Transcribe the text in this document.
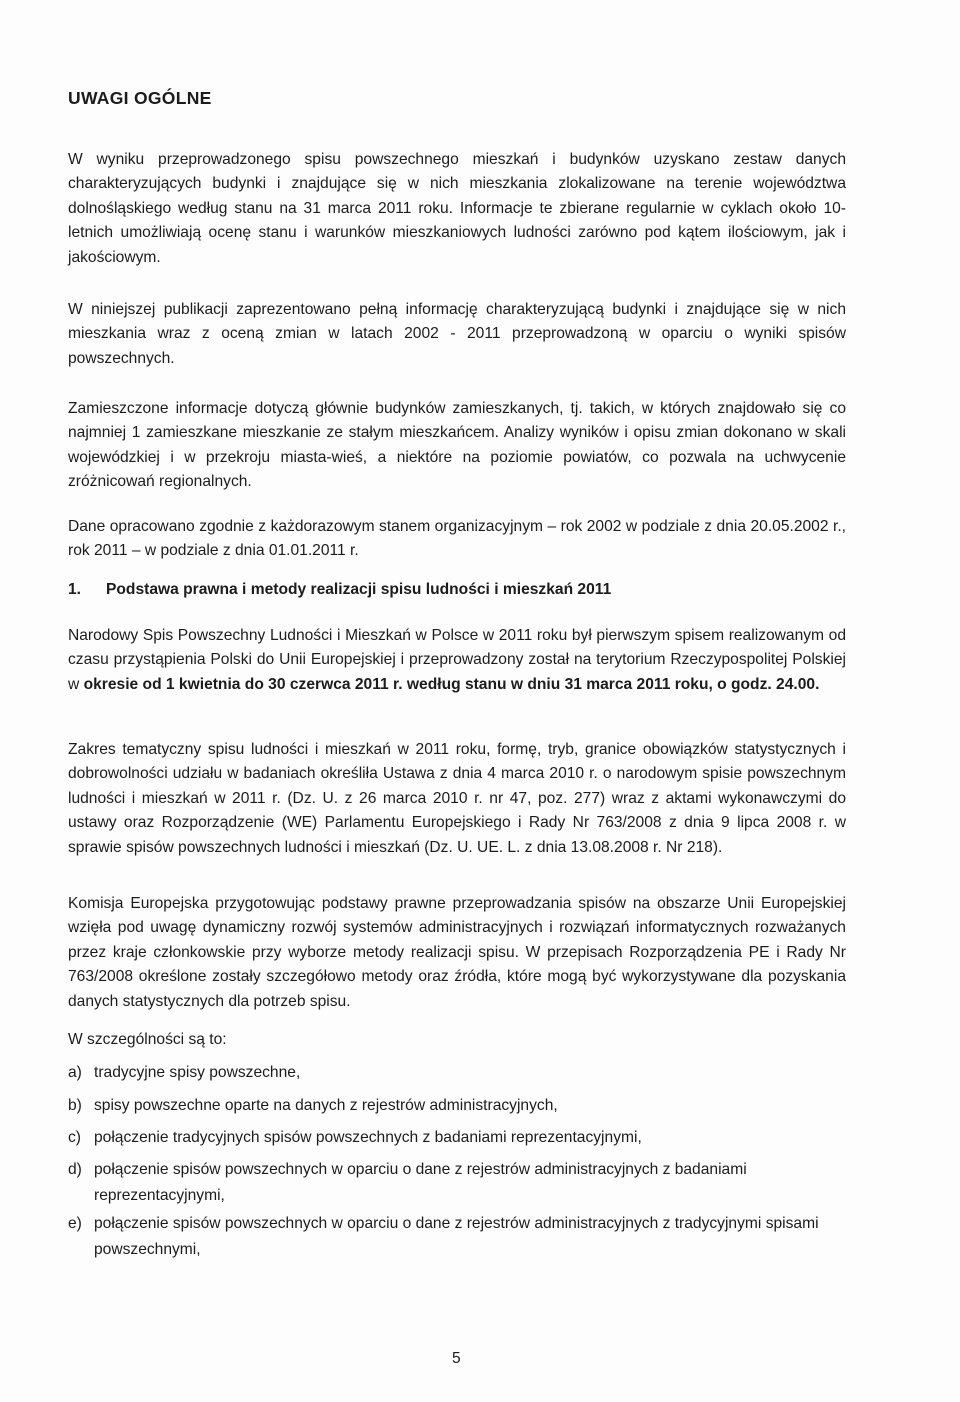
UWAGI OGÓLNE

W wyniku przeprowadzonego spisu powszechnego mieszkań i budynków uzyskano zestaw danych charakteryzujących budynki i znajdujące się w nich mieszkania zlokalizowane na terenie województwa dolnośląskiego według stanu na 31 marca 2011 roku. Informacje te zbierane regularnie w cyklach około 10-letnich umożliwiają ocenę stanu i warunków mieszkaniowych ludności zarówno pod kątem ilościowym, jak i jakościowym.

W niniejszej publikacji zaprezentowano pełną informację charakteryzującą budynki i znajdujące się w nich mieszkania wraz z oceną zmian w latach 2002 - 2011 przeprowadzoną w oparciu o wyniki spisów powszechnych.

Zamieszczone informacje dotyczą głównie budynków zamieszkanych, tj. takich, w których znajdowało się co najmniej 1 zamieszkane mieszkanie ze stałym mieszkańcem. Analizy wyników i opisu zmian dokonano w skali wojewódzkiej i w przekroju miasta-wieś, a niektóre na poziomie powiatów, co pozwala na uchwycenie zróżnicowań regionalnych.

Dane opracowano zgodnie z każdorazowym stanem organizacyjnym – rok 2002 w podziale z dnia 20.05.2002 r., rok 2011 – w podziale z dnia 01.01.2011 r.

1. Podstawa prawna i metody realizacji spisu ludności i mieszkań 2011

Narodowy Spis Powszechny Ludności i Mieszkań w Polsce w 2011 roku był pierwszym spisem realizowanym od czasu przystąpienia Polski do Unii Europejskiej i przeprowadzony został na terytorium Rzeczypospolitej Polskiej w okresie od 1 kwietnia do 30 czerwca 2011 r. według stanu w dniu 31 marca 2011 roku, o godz. 24.00.

Zakres tematyczny spisu ludności i mieszkań w 2011 roku, formę, tryb, granice obowiązków statystycznych i dobrowolności udziału w badaniach określiła Ustawa z dnia 4 marca 2010 r. o narodowym spisie powszechnym ludności i mieszkań w 2011 r. (Dz. U. z 26 marca 2010 r. nr 47, poz. 277) wraz z aktami wykonawczymi do ustawy oraz Rozporządzenie (WE) Parlamentu Europejskiego i Rady Nr 763/2008 z dnia 9 lipca 2008 r. w sprawie spisów powszechnych ludności i mieszkań (Dz. U. UE. L. z dnia 13.08.2008 r. Nr 218).

Komisja Europejska przygotowując podstawy prawne przeprowadzania spisów na obszarze Unii Europejskiej wzięła pod uwagę dynamiczny rozwój systemów administracyjnych i rozwiązań informatycznych rozważanych przez kraje członkowskie przy wyborze metody realizacji spisu. W przepisach Rozporządzenia PE i Rady Nr 763/2008 określone zostały szczegółowo metody oraz źródła, które mogą być wykorzystywane dla pozyskania danych statystycznych dla potrzeb spisu.

W szczególności są to:

a) tradycyjne spisy powszechne,

b) spisy powszechne oparte na danych z rejestrów administracyjnych,

c) połączenie tradycyjnych spisów powszechnych z badaniami reprezentacyjnymi,

d) połączenie spisów powszechnych w oparciu o dane z rejestrów administracyjnych z badaniami reprezentacyjnymi,

e) połączenie spisów powszechnych w oparciu o dane z rejestrów administracyjnych z tradycyjnymi spisami powszechnymi,

5
